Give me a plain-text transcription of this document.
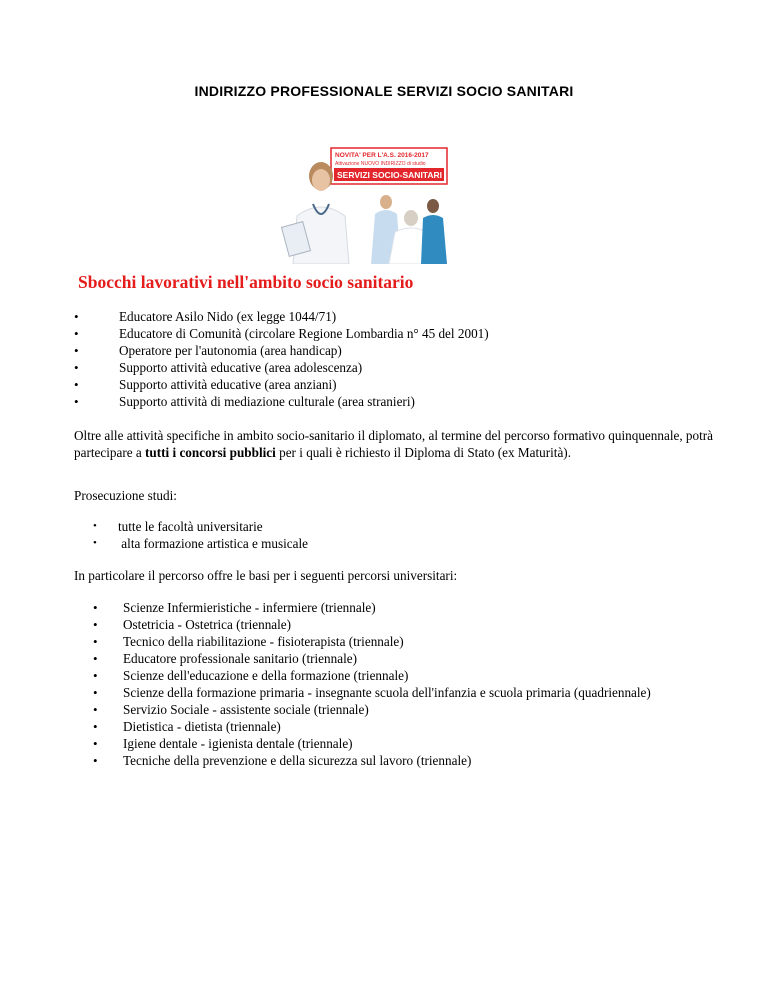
INDIRIZZO PROFESSIONALE SERVIZI SOCIO SANITARI
NOVITA' PER L'A.S. 2016-2017
Attivazione NUOVO INDIRIZZO di studio
SERVIZI SOCIO-SANITARI
Sbocchi lavorativi nell'ambito socio sanitario
•	Educatore Asilo Nido (ex legge 1044/71)
•	Educatore di Comunità (circolare Regione Lombardia n° 45 del 2001)
•	Operatore per l'autonomia (area handicap)
•	Supporto attività educative (area adolescenza)
•	Supporto attività educative (area anziani)
•	Supporto attività di mediazione culturale (area stranieri)
Oltre alle attività specifiche in ambito socio-sanitario il diplomato, al termine del percorso formativo quinquennale, potrà partecipare a tutti i concorsi pubblici per i quali è richiesto il Diploma di Stato (ex Maturità).
Prosecuzione studi:
• tutte le facoltà universitarie
• alta formazione artistica e musicale
In particolare il percorso offre le basi per i seguenti percorsi universitari:
• Scienze Infermieristiche - infermiere (triennale)
• Ostetricia - Ostetrica (triennale)
• Tecnico della riabilitazione - fisioterapista (triennale)
• Educatore professionale sanitario (triennale)
• Scienze dell'educazione e della formazione (triennale)
• Scienze della formazione primaria - insegnante scuola dell'infanzia e scuola primaria (quadriennale)
• Servizio Sociale - assistente sociale (triennale)
• Dietistica - dietista (triennale)
• Igiene dentale - igienista dentale (triennale)
• Tecniche della prevenzione e della sicurezza sul lavoro (triennale)
